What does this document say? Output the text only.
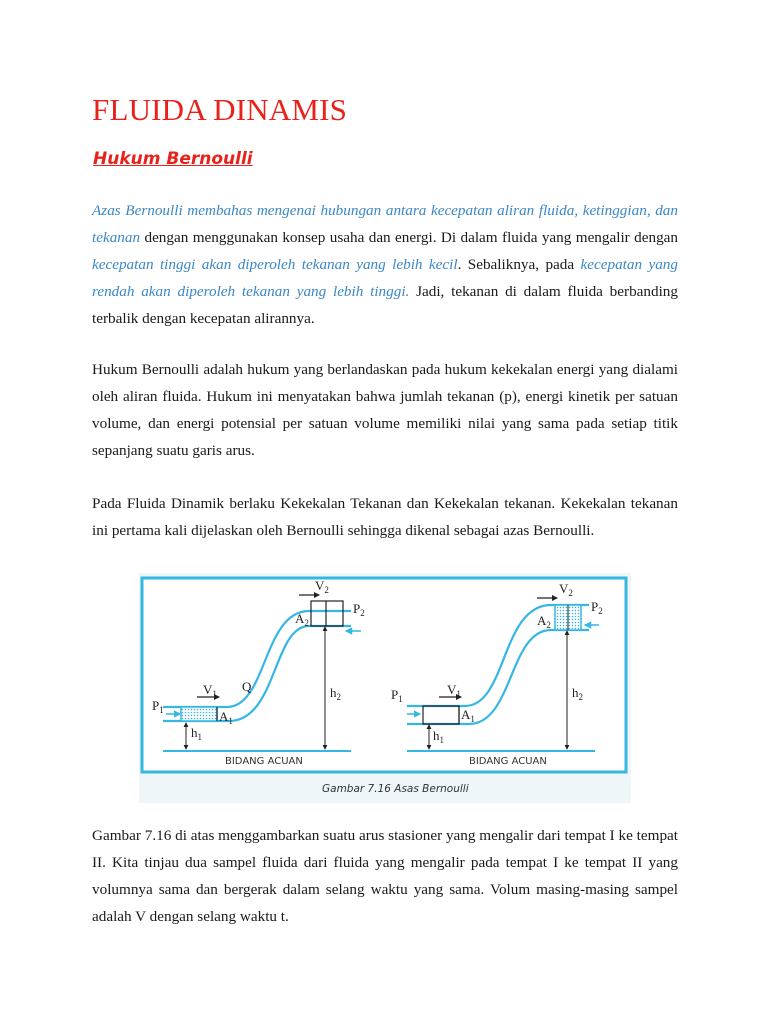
FLUIDA DINAMIS
Hukum Bernoulli

Azas Bernoulli membahas mengenai hubungan antara kecepatan aliran fluida, ketinggian, dan tekanan dengan menggunakan konsep usaha dan energi. Di dalam fluida yang mengalir dengan kecepatan tinggi akan diperoleh tekanan yang lebih kecil. Sebaliknya, pada kecepatan yang rendah akan diperoleh tekanan yang lebih tinggi. Jadi, tekanan di dalam fluida berbanding terbalik dengan kecepatan alirannya.

Hukum Bernoulli adalah hukum yang berlandaskan pada hukum kekekalan energi yang dialami oleh aliran fluida. Hukum ini menyatakan bahwa jumlah tekanan (p), energi kinetik per satuan volume, dan energi potensial per satuan volume memiliki nilai yang sama pada setiap titik sepanjang suatu garis arus.

Pada Fluida Dinamik berlaku Kekekalan Tekanan dan Kekekalan tekanan. Kekekalan tekanan ini pertama kali dijelaskan oleh Bernoulli sehingga dikenal sebagai azas Bernoulli.

$P_1$
$V_1$
$A_1$
$h_1$
Q
$V_2$
$A_2$
$P_2$
$h_2$
BIDANG ACUAN
$P_1$
$V_1$
$A_1$
$h_1$
$V_2$
$A_2$
$P_2$
$h_2$
BIDANG ACUAN
Gambar 7.16 Asas Bernoulli

Gambar 7.16 di atas menggambarkan suatu arus stasioner yang mengalir dari tempat I ke tempat II. Kita tinjau dua sampel fluida dari fluida yang mengalir pada tempat I ke tempat II yang volumnya sama dan bergerak dalam selang waktu yang sama. Volum masing-masing sampel adalah V dengan selang waktu t.
